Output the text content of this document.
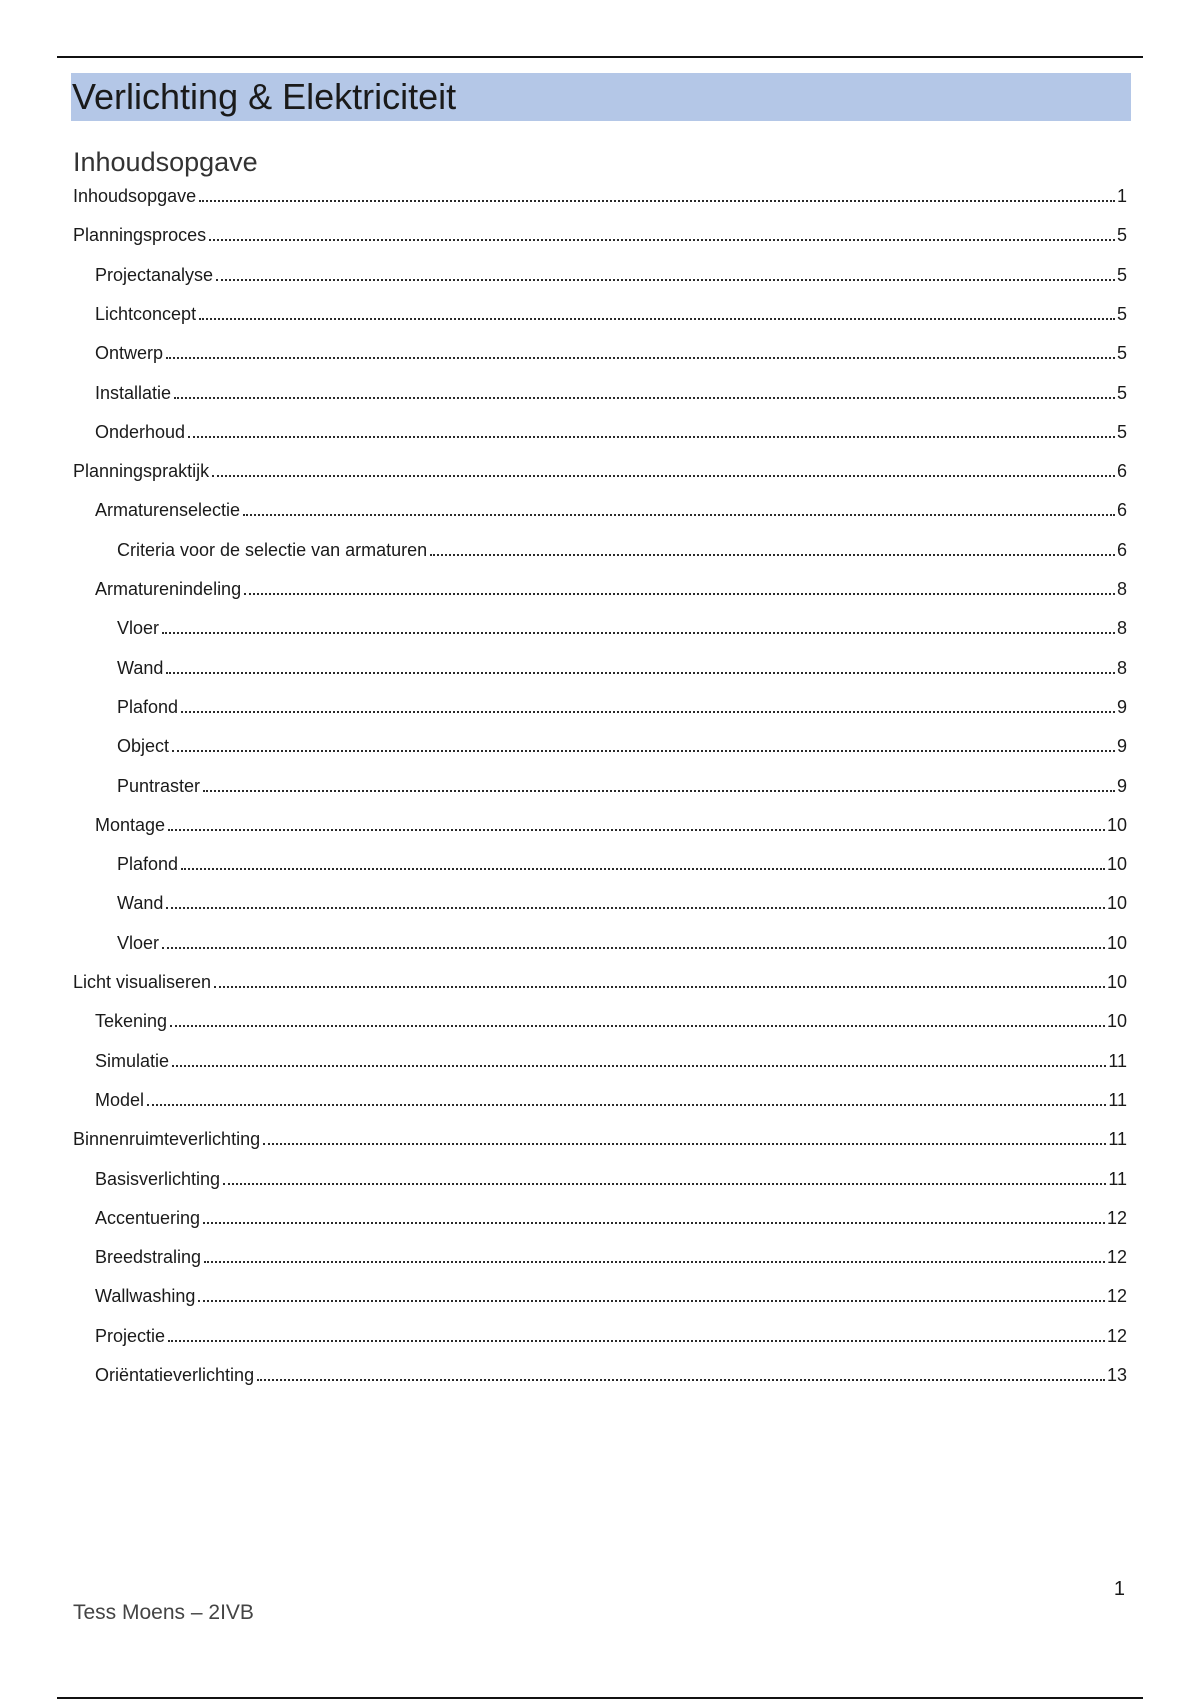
Verlichting & Elektriciteit
Inhoudsopgave
Inhoudsopgave	1
Planningsproces	5
Projectanalyse	5
Lichtconcept	5
Ontwerp	5
Installatie	5
Onderhoud	5
Planningspraktijk	6
Armaturenselectie	6
Criteria voor de selectie van armaturen	6
Armaturenindeling	8
Vloer	8
Wand	8
Plafond	9
Object	9
Puntraster	9
Montage	10
Plafond	10
Wand	10
Vloer	10
Licht visualiseren	10
Tekening	10
Simulatie	11
Model	11
Binnenruimteverlichting	11
Basisverlichting	11
Accentuering	12
Breedstraling	12
Wallwashing	12
Projectie	12
Oriëntatieverlichting	13
1
Tess Moens – 2IVB
